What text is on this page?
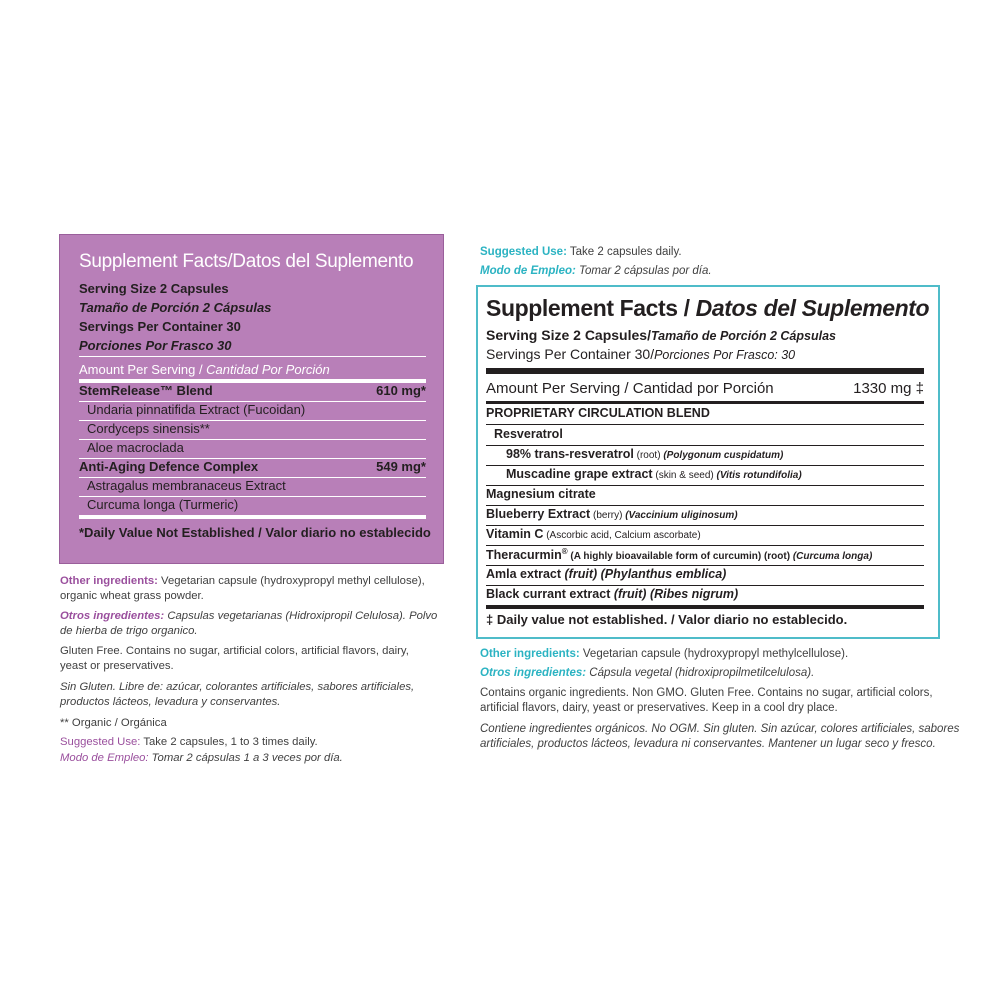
Supplement Facts/Datos del Suplemento
Serving Size 2 Capsules
Tamaño de Porción 2 Cápsulas
Servings Per Container 30
Porciones Por Frasco 30
Amount Per Serving / Cantidad Por Porción
StemRelease™ Blend	610 mg*
Undaria pinnatifida Extract (Fucoidan)
Cordyceps sinensis**
Aloe macroclada
Anti-Aging Defence Complex	549 mg*
Astragalus membranaceus Extract
Curcuma longa (Turmeric)
*Daily Value Not Established / Valor diario no establecido
Other ingredients: Vegetarian capsule (hydroxypropyl methyl cellulose), organic wheat grass powder.
Otros ingredientes: Capsulas vegetarianas (Hidroxipropil Celulosa). Polvo de hierba de trigo organico.
Gluten Free. Contains no sugar, artificial colors, artificial flavors, dairy, yeast or preservatives.
Sin Gluten. Libre de: azúcar, colorantes artificiales, sabores artificiales, productos lácteos, levadura y conservantes.
** Organic / Orgánica
Suggested Use: Take 2 capsules, 1 to 3 times daily.
Modo de Empleo: Tomar 2 cápsulas 1 a 3 veces por día.
Suggested Use: Take 2 capsules daily.
Modo de Empleo: Tomar 2 cápsulas por día.
Supplement Facts / Datos del Suplemento
Serving Size 2 Capsules/Tamaño de Porción 2 Cápsulas
Servings Per Container 30/Porciones Por Frasco: 30
Amount Per Serving / Cantidad por Porción	1330 mg ‡
PROPRIETARY CIRCULATION BLEND
Resveratrol
98% trans-resveratrol (root) (Polygonum cuspidatum)
Muscadine grape extract (skin & seed) (Vitis rotundifolia)
Magnesium citrate
Blueberry Extract (berry) (Vaccinium uliginosum)
Vitamin C (Ascorbic acid, Calcium ascorbate)
Theracurmin® (A highly bioavailable form of curcumin) (root) (Curcuma longa)
Amla extract (fruit) (Phylanthus emblica)
Black currant extract (fruit) (Ribes nigrum)
‡ Daily value not established. / Valor diario no establecido.
Other ingredients: Vegetarian capsule (hydroxypropyl methylcellulose).
Otros ingredientes: Cápsula vegetal (hidroxipropilmetilcelulosa).
Contains organic ingredients. Non GMO. Gluten Free. Contains no sugar, artificial colors, artificial flavors, dairy, yeast or preservatives. Keep in a cool dry place.
Contiene ingredientes orgánicos. No OGM. Sin gluten. Sin azúcar, colores artificiales, sabores artificiales, productos lácteos, levadura ni conservantes. Mantener un lugar seco y fresco.
